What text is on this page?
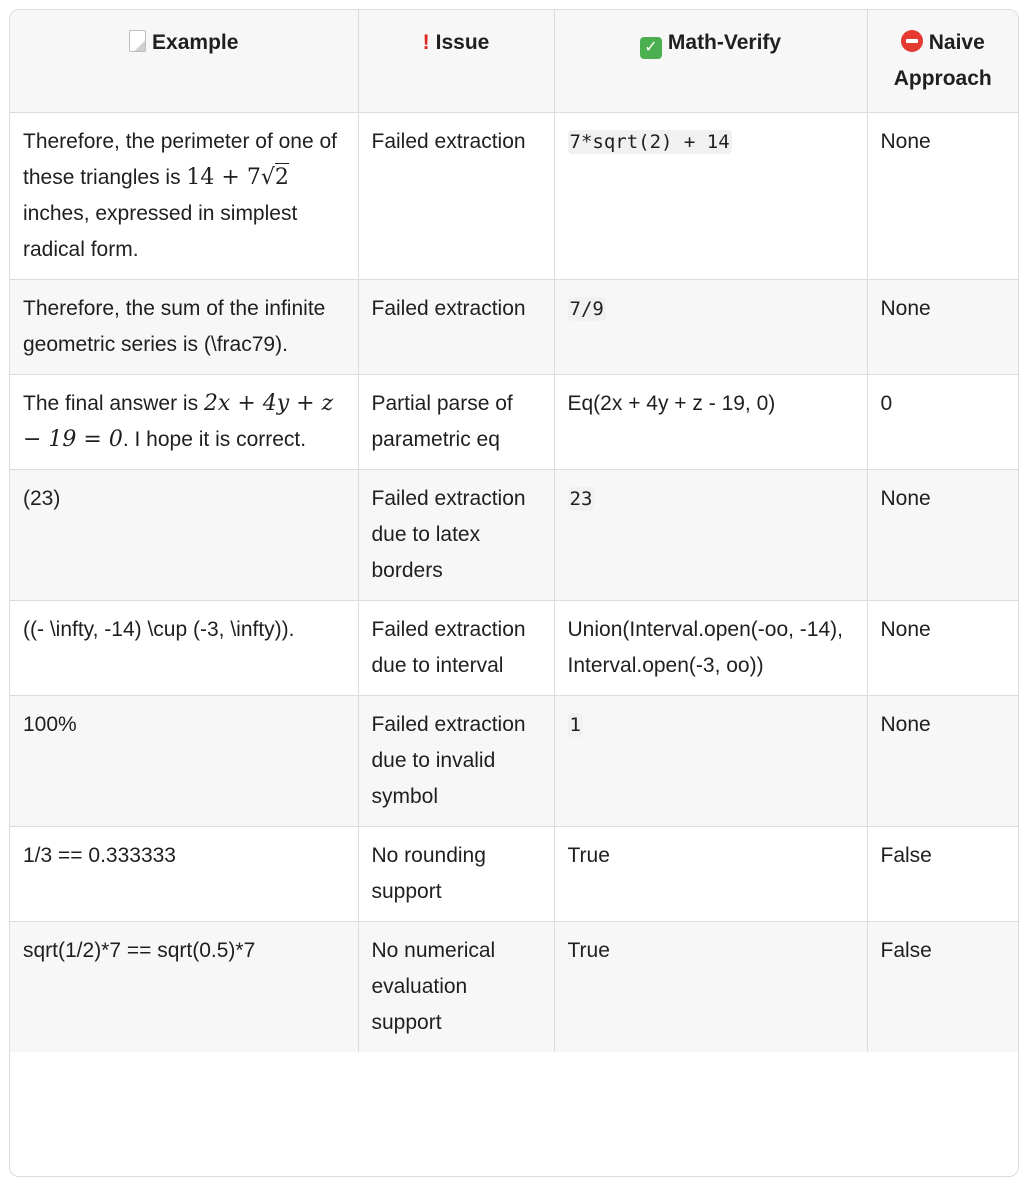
Example	! Issue	✓ Math-Verify	Naive Approach
Therefore, the perimeter of one of these triangles is 14 + 7√2 inches, expressed in simplest radical form.	Failed extraction	7*sqrt(2) + 14	None
Therefore, the sum of the infinite geometric series is (\frac79).	Failed extraction	7/9	None
The final answer is 2x + 4y + z − 19 = 0. I hope it is correct.	Partial parse of parametric eq	Eq(2x + 4y + z - 19, 0)	0
(23)	Failed extraction due to latex borders	23	None
((- \infty, -14) \cup (-3, \infty)).	Failed extraction due to interval	Union(Interval.open(-oo, -14), Interval.open(-3, oo))	None
100%	Failed extraction due to invalid symbol	1	None
1/3 == 0.333333	No rounding support	True	False
sqrt(1/2)*7 == sqrt(0.5)*7	No numerical evaluation support	True	False
